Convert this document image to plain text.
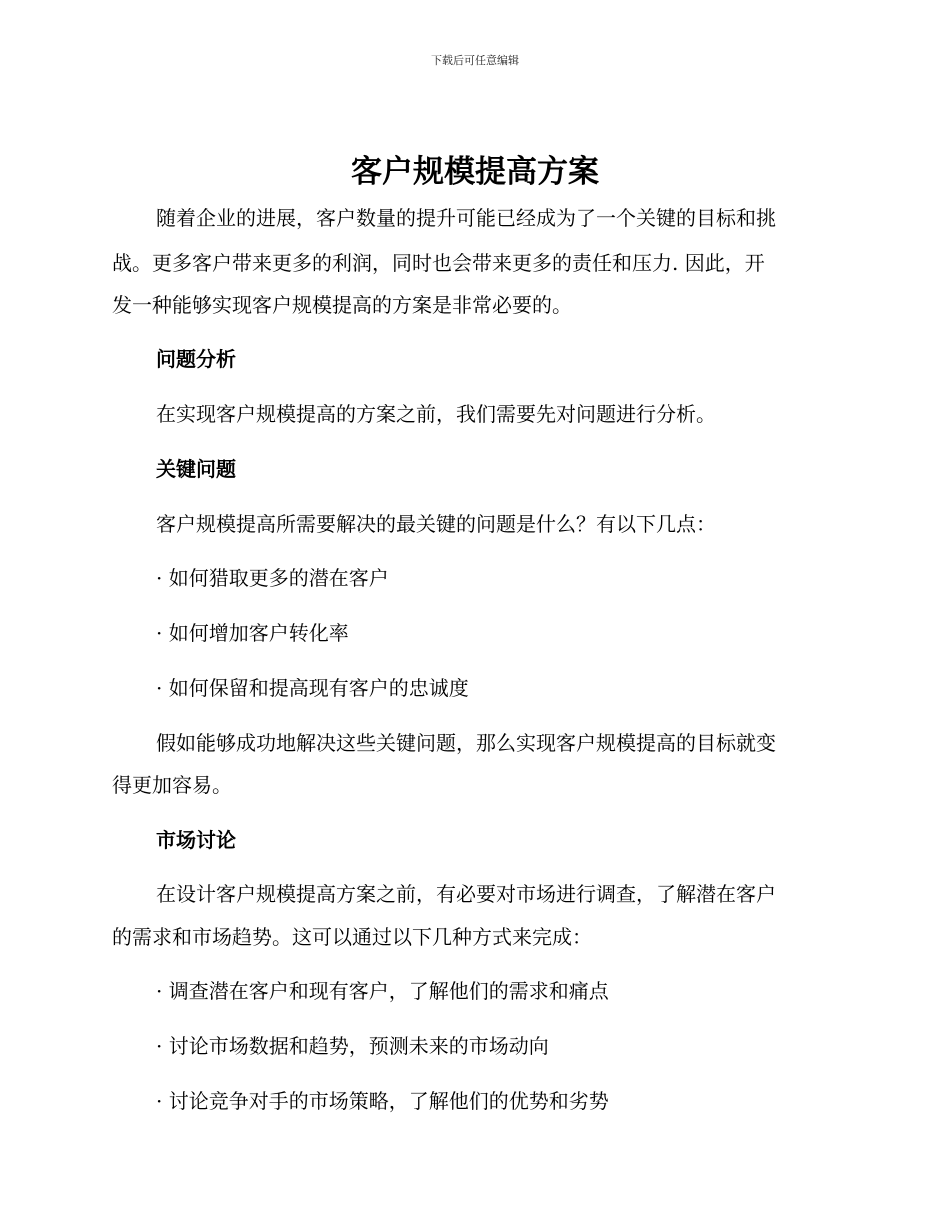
下载后可任意编辑
客户规模提高方案

随着企业的进展，客户数量的提升可能已经成为了一个关键的目标和挑

战。更多客户带来更多的利润，同时也会带来更多的责任和压力. 因此，开

发一种能够实现客户规模提高的方案是非常必要的。

问题分析

在实现客户规模提高的方案之前，我们需要先对问题进行分析。

关键问题

客户规模提高所需要解决的最关键的问题是什么？有以下几点：

· 如何猎取更多的潜在客户

· 如何增加客户转化率

· 如何保留和提高现有客户的忠诚度

假如能够成功地解决这些关键问题，那么实现客户规模提高的目标就变

得更加容易。

市场讨论

在设计客户规模提高方案之前，有必要对市场进行调查，了解潜在客户

的需求和市场趋势。这可以通过以下几种方式来完成：

· 调查潜在客户和现有客户，了解他们的需求和痛点

· 讨论市场数据和趋势，预测未来的市场动向

· 讨论竞争对手的市场策略，了解他们的优势和劣势
